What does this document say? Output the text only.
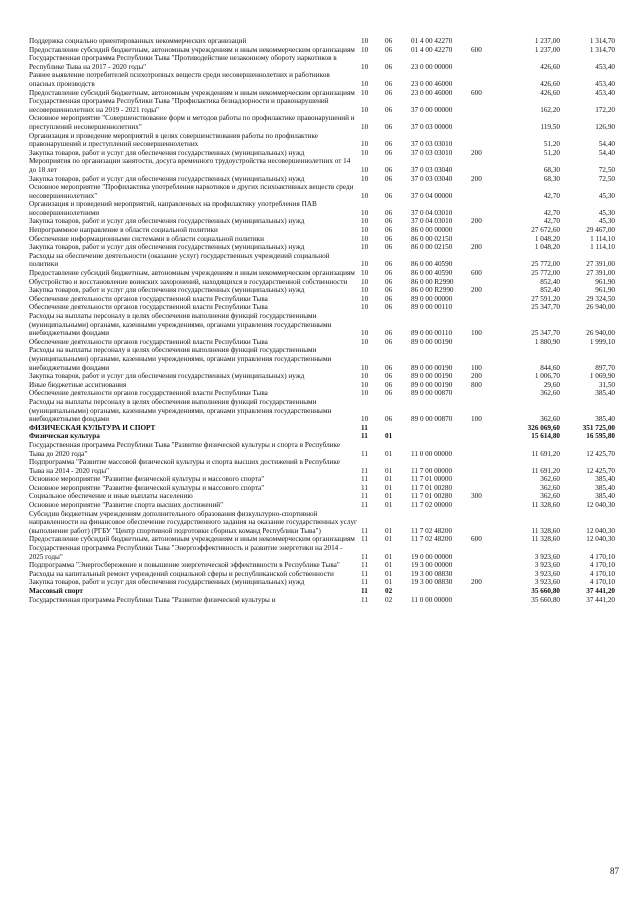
Поддержка социально ориентированных некоммерческих организаций	10	06	01 4 00 42270		1 237,00	1 314,70
Предоставление субсидий бюджетным, автономным учреждениям и иным некоммерческим организациям	10	06	01 4 00 42270	600	1 237,00	1 314,70
Государственная программа Республики Тыва "Противодействие незаконному обороту наркотиков в Республике Тыва на 2017 - 2020 годы"	10	06	23 0 00 00000		426,60	453,40
Раннее выявление потребителей психотропных веществ среди несовершеннолетних и работников опасных производств	10	06	23 0 00 46000		426,60	453,40
Предоставление субсидий бюджетным, автономным учреждениям и иным некоммерческим организациям	10	06	23 0 00 46000	600	426,60	453,40
Государственная программа Республики Тыва "Профилактика безнадзорности и правонарушений несовершеннолетних на 2019 - 2021 годы"	10	06	37 0 00 00000		162,20	172,20
Основное мероприятие "Совершенствование форм и методов работы по профилактике правонарушений и преступлений несовершеннолетних"	10	06	37 0 03 00000		119,50	126,90
Организация и проведение мероприятий в целях совершенствования работы по профилактике правонарушений и преступлений несовершеннолетних	10	06	37 0 03 03010		51,20	54,40
Закупка товаров, работ и услуг для обеспечения государственных (муниципальных) нужд	10	06	37 0 03 03010	200	51,20	54,40
Мероприятия по организации занятости, досуга временного трудоустройства несовершеннолетних от 14 до 18 лет	10	06	37 0 03 03040		68,30	72,50
Закупка товаров, работ и услуг для обеспечения государственных (муниципальных) нужд	10	06	37 0 03 03040	200	68,30	72,50
Основное мероприятие "Профилактика употребления наркотиков и других психоактивных веществ среди несовершеннолетних"	10	06	37 0 04 00000		42,70	45,30
Организация и проведений мероприятий, направленных на профилактику употребления ПАВ несовершеннолетними	10	06	37 0 04 03010		42,70	45,30
Закупка товаров, работ и услуг для обеспечения государственных (муниципальных) нужд	10	06	37 0 04 03010	200	42,70	45,30
Непрограммное направление в области социальной политики	10	06	86 0 00 00000		27 672,60	29 467,00
Обеспечение информационными системами в области социальной политики	10	06	86 0 00 02150		1 048,20	1 114,10
Закупка товаров, работ и услуг для обеспечения государственных (муниципальных) нужд	10	06	86 0 00 02150	200	1 048,20	1 114,10
Расходы на обеспечение деятельности (оказание услуг) государственных учреждений социальной политики	10	06	86 0 00 40590		25 772,00	27 391,00
Предоставление субсидий бюджетным, автономным учреждениям и иным некоммерческим организациям	10	06	86 0 00 40590	600	25 772,00	27 391,00
Обустройство и восстановление воинских захоронений, находящихся в государственной собственности	10	06	86 0 00 R2990		852,40	961,90
Закупка товаров, работ и услуг для обеспечения государственных (муниципальных) нужд	10	06	86 0 00 R2990	200	852,40	961,90
Обеспечение деятельности органов государственной власти Республики Тыва	10	06	89 0 00 00000		27 591,20	29 324,50
Обеспечение деятельности органов государственной власти Республики Тыва	10	06	89 0 00 00110		25 347,70	26 940,00
Расходы на выплаты персоналу в целях обеспечения выполнения функций государственными (муниципальными) органами, казенными учреждениями, органами управления государственными внебюджетными фондами	10	06	89 0 00 00110	100	25 347,70	26 940,00
Обеспечение деятельности органов государственной власти Республики Тыва	10	06	89 0 00 00190		1 880,90	1 999,10
Расходы на выплаты персоналу в целях обеспечения выполнения функций государственными (муниципальными) органами, казенными учреждениями, органами управления государственными внебюджетными фондами	10	06	89 0 00 00190	100	844,60	897,70
Закупка товаров, работ и услуг для обеспечения государственных (муниципальных) нужд	10	06	89 0 00 00190	200	1 006,70	1 069,90
Иные бюджетные ассигнования	10	06	89 0 00 00190	800	29,60	31,50
Обеспечение деятельности органов государственной власти Республики Тыва	10	06	89 0 00 00870		362,60	385,40
Расходы на выплаты персоналу в целях обеспечения выполнения функций государственными (муниципальными) органами, казенными учреждениями, органами управления государственными внебюджетными фондами	10	06	89 0 00 00870	100	362,60	385,40
ФИЗИЧЕСКАЯ КУЛЬТУРА И СПОРТ	11				326 069,60	351 725,00
Физическая культура	11	01			15 614,80	16 595,80
Государственная программа Республики Тыва "Развитие физической культуры и спорта в Республике Тыва до 2020 года"	11	01	11 0 00 00000		11 691,20	12 425,70
Подпрограмма "Развитие массовой физической культуры и спорта высших достижений в Республике Тыва на 2014 - 2020 годы"	11	01	11 7 00 00000		11 691,20	12 425,70
Основное мероприятие "Развитие физической культуры и массового спорта"	11	01	11 7 01 00000		362,60	385,40
Основное мероприятие "Развитие физической культуры и массового спорта"	11	01	11 7 01 00280		362,60	385,40
Социальное обеспечение и иные выплаты населению	11	01	11 7 01 00280	300	362,60	385,40
Основное мероприятие "Развитие спорта высших достижений"	11	01	11 7 02 00000		11 328,60	12 040,30
Субсидии бюджетным учреждениям дополнительного образования физкультурно-спортивной направленности на финансовое обеспечение государственного задания на оказание государственных услуг (выполнение работ) (РГБУ "Центр спортивной подготовки сборных команд Республики Тыва")	11	01	11 7 02 48200		11 328,60	12 040,30
Предоставление субсидий бюджетным, автономным учреждениям и иным некоммерческим организациям	11	01	11 7 02 48200	600	11 328,60	12 040,30
Государственная программа Республики Тыва "Энергоэффективность и развитие энергетики на 2014 - 2025 годы"	11	01	19 0 00 00000		3 923,60	4 170,10
Подпрограмма "Энергосбережение и повышение энергетической эффективности в Республике Тыва"	11	01	19 3 00 00000		3 923,60	4 170,10
Расходы на капитальный ремонт учреждений социальной сферы и республиканской собственности	11	01	19 3 00 08830		3 923,60	4 170,10
Закупка товаров, работ и услуг для обеспечения государственных (муниципальных) нужд	11	01	19 3 00 08830	200	3 923,60	4 170,10
Массовый спорт	11	02			35 660,80	37 441,20
Государственная программа Республики Тыва "Развитие физической культуры и	11	02	11 0 00 00000		35 660,80	37 441,20
87
